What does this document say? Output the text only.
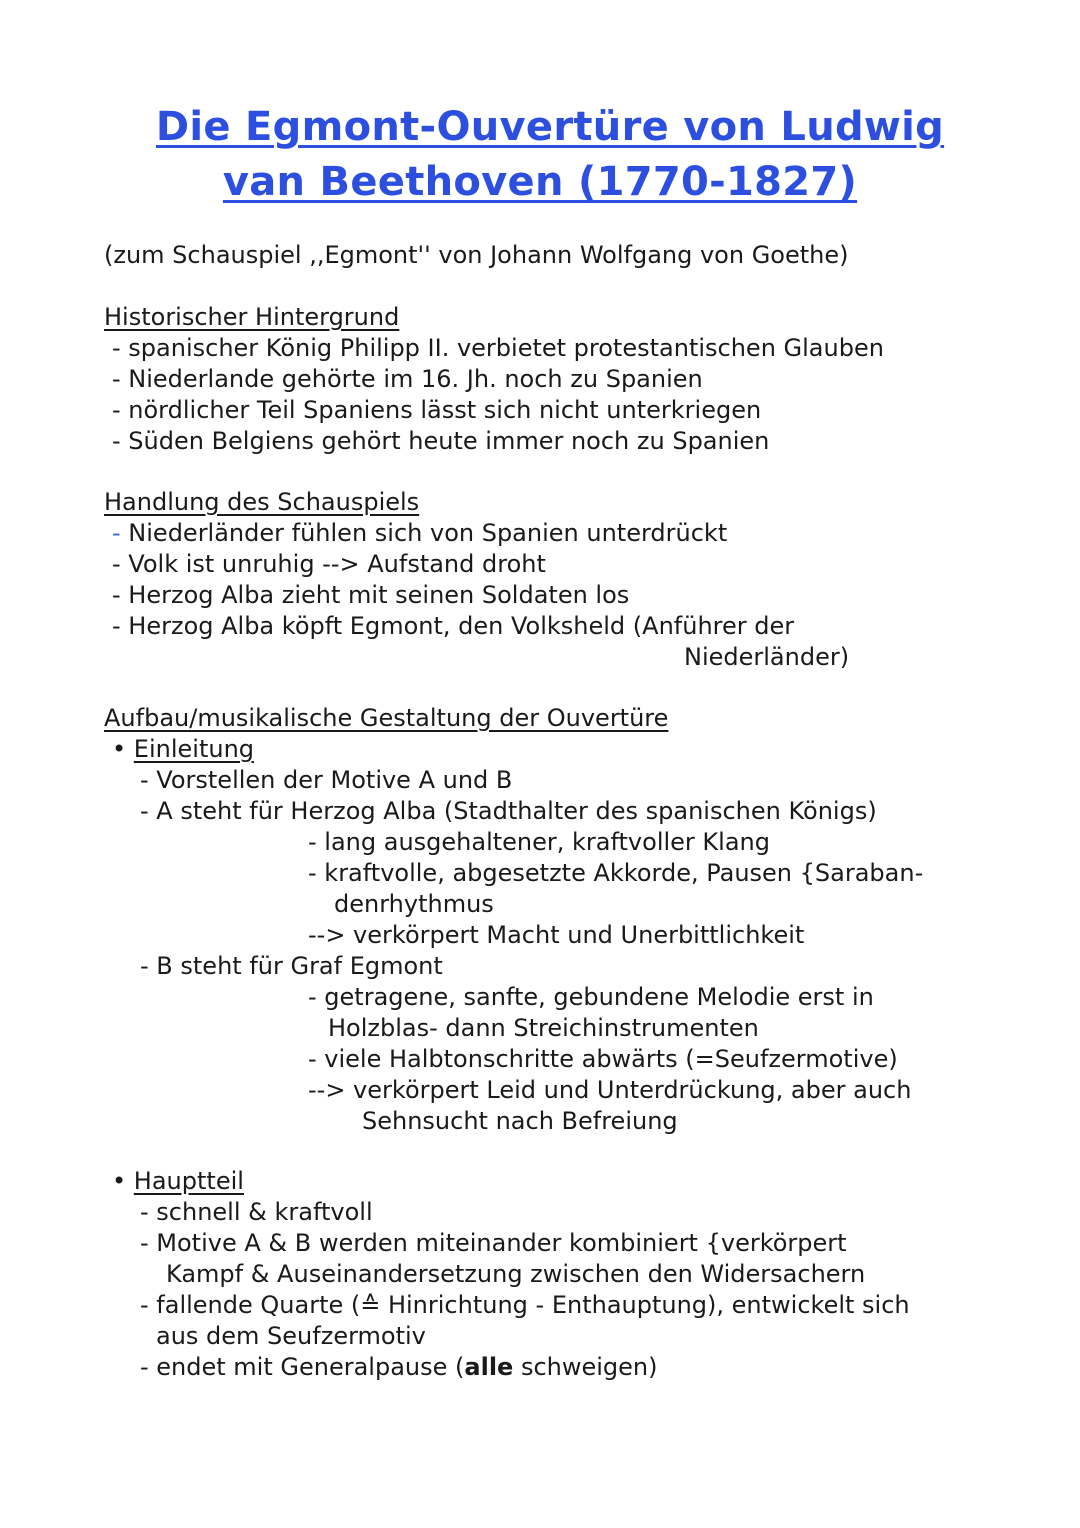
Die Egmont-Ouvertüre von Ludwig
van Beethoven (1770-1827)
(zum Schauspiel ,,Egmont'' von Johann Wolfgang von Goethe)
Historischer Hintergrund
- spanischer König Philipp II. verbietet protestantischen Glauben
- Niederlande gehörte im 16. Jh. noch zu Spanien
- nördlicher Teil Spaniens lässt sich nicht unterkriegen
- Süden Belgiens gehört heute immer noch zu Spanien
Handlung des Schauspiels
- Niederländer fühlen sich von Spanien unterdrückt
- Volk ist unruhig --> Aufstand droht
- Herzog Alba zieht mit seinen Soldaten los
- Herzog Alba köpft Egmont, den Volksheld (Anführer der
Niederländer)
Aufbau/musikalische Gestaltung der Ouvertüre
• Einleitung
- Vorstellen der Motive A und B
- A steht für Herzog Alba (Stadthalter des spanischen Königs)
- lang ausgehaltener, kraftvoller Klang
- kraftvolle, abgesetzte Akkorde, Pausen {Saraban-
denrhythmus
--> verkörpert Macht und Unerbittlichkeit
- B steht für Graf Egmont
- getragene, sanfte, gebundene Melodie erst in
Holzblas- dann Streichinstrumenten
- viele Halbtonschritte abwärts (=Seufzermotive)
--> verkörpert Leid und Unterdrückung, aber auch
Sehnsucht nach Befreiung
• Hauptteil
- schnell & kraftvoll
- Motive A & B werden miteinander kombiniert {verkörpert
Kampf & Auseinandersetzung zwischen den Widersachern
- fallende Quarte (≙ Hinrichtung - Enthauptung), entwickelt sich
aus dem Seufzermotiv
- endet mit Generalpause (alle schweigen)
